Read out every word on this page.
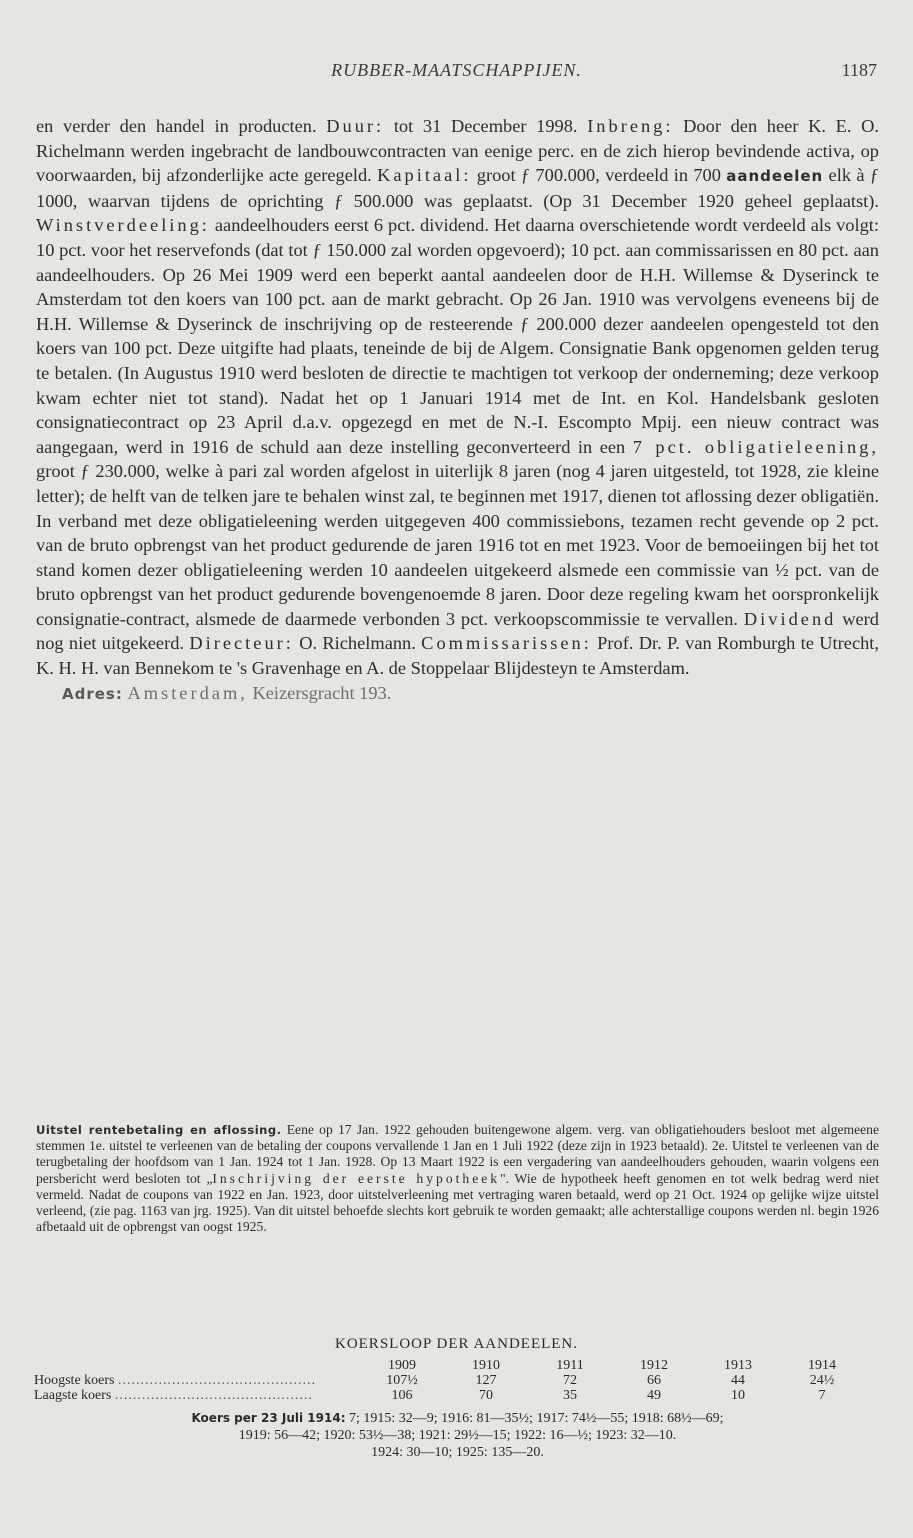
RUBBER-MAATSCHAPPIJEN.	1187

en verder den handel in producten. Duur: tot 31 December 1998. Inbreng: Door den heer K. E. O. Richelmann werden ingebracht de landbouwcontracten van eenige perc. en de zich hierop bevindende activa, op voorwaarden, bij afzonderlijke acte geregeld. Kapitaal: groot ƒ 700.000, verdeeld in 700 aandeelen elk à ƒ 1000, waarvan tijdens de oprichting ƒ 500.000 was geplaatst. (Op 31 December 1920 geheel geplaatst). Winstverdeeling: aandeelhouders eerst 6 pct. dividend. Het daarna overschietende wordt verdeeld als volgt: 10 pct. voor het reservefonds (dat tot ƒ 150.000 zal worden opgevoerd); 10 pct. aan commissarissen en 80 pct. aan aandeelhouders. Op 26 Mei 1909 werd een beperkt aantal aandeelen door de H.H. Willemse & Dyserinck te Amsterdam tot den koers van 100 pct. aan de markt gebracht. Op 26 Jan. 1910 was vervolgens eveneens bij de H.H. Willemse & Dyserinck de inschrijving op de resteerende ƒ 200.000 dezer aandeelen opengesteld tot den koers van 100 pct. Deze uitgifte had plaats, teneinde de bij de Algem. Consignatie Bank opgenomen gelden terug te betalen. (In Augustus 1910 werd besloten de directie te machtigen tot verkoop der onderneming; deze verkoop kwam echter niet tot stand). Nadat het op 1 Januari 1914 met de Int. en Kol. Handelsbank gesloten consignatiecontract op 23 April d.a.v. opgezegd en met de N.-I. Escompto Mpij. een nieuw contract was aangegaan, werd in 1916 de schuld aan deze instelling geconverteerd in een 7 pct. obligatieleening, groot ƒ 230.000, welke à pari zal worden afgelost in uiterlijk 8 jaren (nog 4 jaren uitgesteld, tot 1928, zie kleine letter); de helft van de telken jare te behalen winst zal, te beginnen met 1917, dienen tot aflossing dezer obligatiën. In verband met deze obligatieleening werden uitgegeven 400 commissiebons, tezamen recht gevende op 2 pct. van de bruto opbrengst van het product gedurende de jaren 1916 tot en met 1923. Voor de bemoeiingen bij het tot stand komen dezer obligatieleening werden 10 aandeelen uitgekeerd alsmede een commissie van ½ pct. van de bruto opbrengst van het product gedurende bovengenoemde 8 jaren. Door deze regeling kwam het oorspronkelijk consignatie-contract, alsmede de daarmede verbonden 3 pct. verkoopscommissie te vervallen. Dividend werd nog niet uitgekeerd. Directeur: O. Richelmann. Commissarissen: Prof. Dr. P. van Romburgh te Utrecht, K. H. H. van Bennekom te 's Gravenhage en A. de Stoppelaar Blijdesteyn te Amsterdam.

Adres: Amsterdam, Keizersgracht 193.

Uitstel rentebetaling en aflossing. Eene op 17 Jan. 1922 gehouden buitengewone algem. verg. van obligatiehouders besloot met algemeene stemmen 1e. uitstel te verleenen van de betaling der coupons vervallende 1 Jan en 1 Juli 1922 (deze zijn in 1923 betaald). 2e. Uitstel te verleenen van de terugbetaling der hoofdsom van 1 Jan. 1924 tot 1 Jan. 1928. Op 13 Maart 1922 is een vergadering van aandeelhouders gehouden, waarin volgens een persbericht werd besloten tot „Inschrijving der eerste hypotheek". Wie de hypotheek heeft genomen en tot welk bedrag werd niet vermeld. Nadat de coupons van 1922 en Jan. 1923, door uitstelverleening met vertraging waren betaald, werd op 21 Oct. 1924 op gelijke wijze uitstel verleend, (zie pag. 1163 van jrg. 1925). Van dit uitstel behoefde slechts kort gebruik te worden gemaakt; alle achterstallige coupons werden nl. begin 1926 afbetaald uit de opbrengst van oogst 1925.

KOERSLOOP DER AANDEELEN.
	1909	1910	1911	1912	1913	1914
Hoogste koers ............................................	107½	127	72	66	44	24½
Laagste koers ............................................	106	70	35	49	10	7

Koers per 23 Juli 1914: 7; 1915: 32—9; 1916: 81—35½; 1917: 74½—55; 1918: 68½—69;

1919: 56—42; 1920: 53½—38; 1921: 29½—15; 1922: 16—½; 1923: 32—10.

1924: 30—10; 1925: 135—20.
